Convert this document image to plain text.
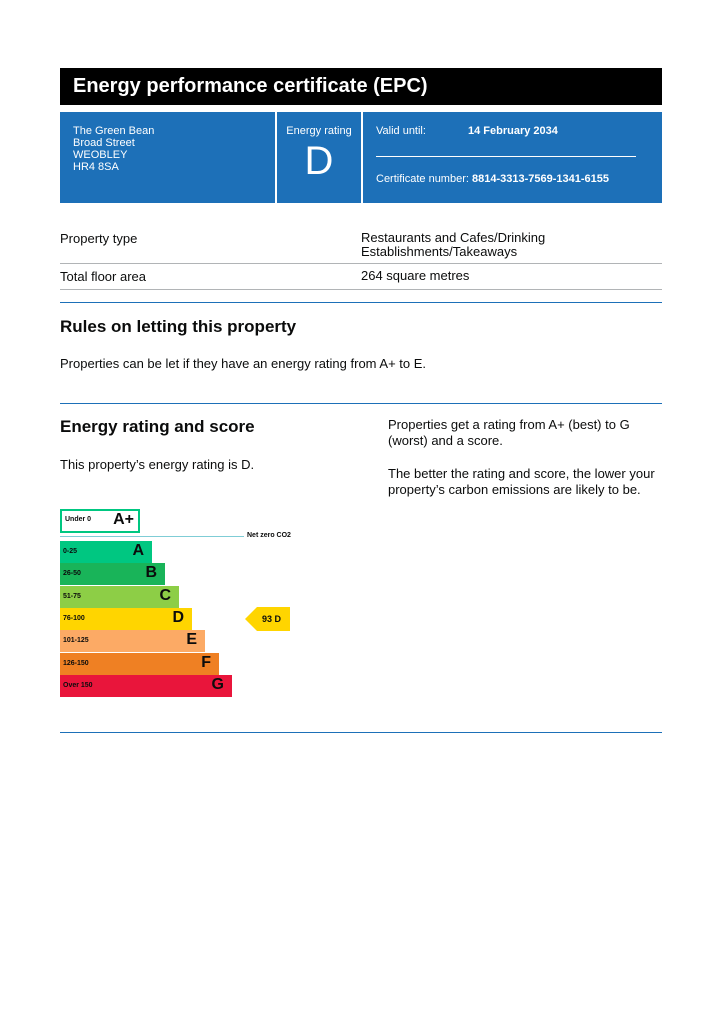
Energy performance certificate (EPC)
The Green Bean
Broad Street
WEOBLEY
HR4 8SA
Energy rating
D
Valid until:	14 February 2034
Certificate number: 8814-3313-7569-1341-6155
Property type	Restaurants and Cafes/Drinking
Establishments/Takeaways
Total floor area	264 square metres
Rules on letting this property
Properties can be let if they have an energy rating from A+ to E.
Energy rating and score
This property’s energy rating is D.
Properties get a rating from A+ (best) to G (worst) and a score.
The better the rating and score, the lower your property’s carbon emissions are likely to be.
Under 0 A+
0-25	A
26-50	B
51-75	C
76-100	D
101-125	E
126-150	F
Over 150	G
Net zero CO2
93 D
